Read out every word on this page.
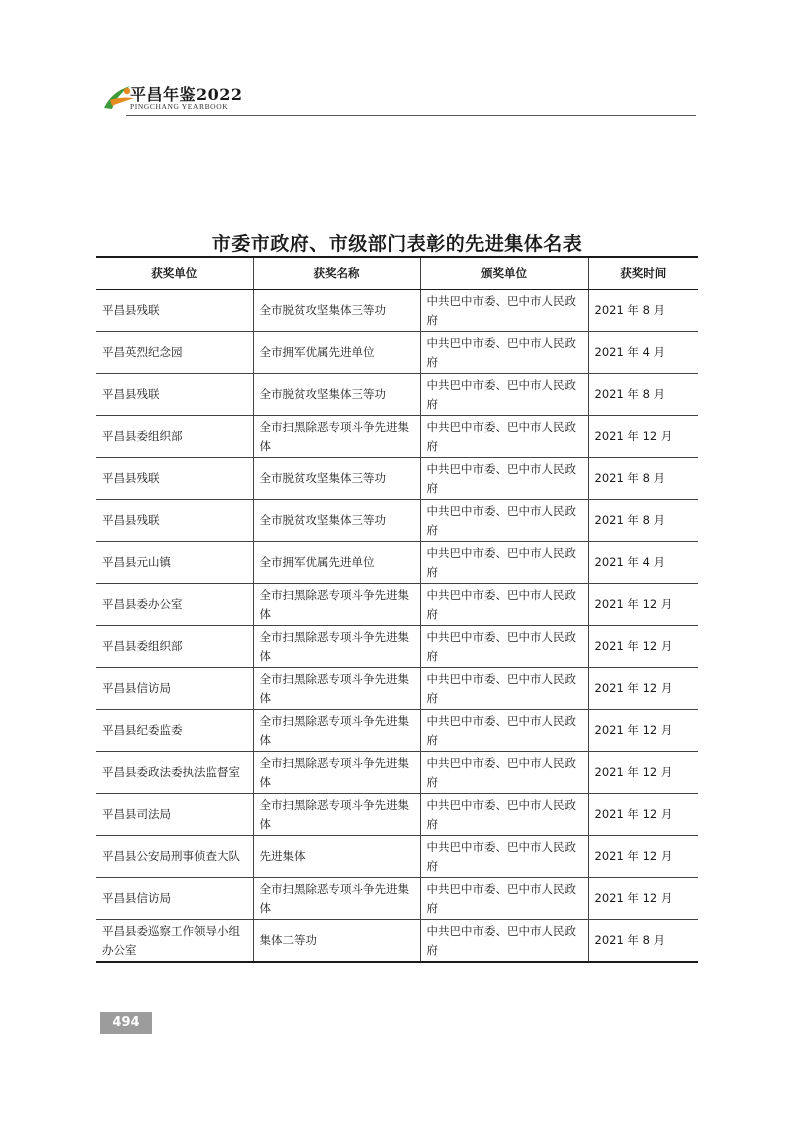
平昌年鉴2022
PINGCHANG YEARBOOK
市委市政府、市级部门表彰的先进集体名表
获奖单位	获奖名称	颁奖单位	获奖时间
平昌县残联	全市脱贫攻坚集体三等功	中共巴中市委、巴中市人民政府	2021 年 8 月
平昌英烈纪念园	全市拥军优属先进单位	中共巴中市委、巴中市人民政府	2021 年 4 月
平昌县残联	全市脱贫攻坚集体三等功	中共巴中市委、巴中市人民政府	2021 年 8 月
平昌县委组织部	全市扫黑除恶专项斗争先进集体	中共巴中市委、巴中市人民政府	2021 年 12 月
平昌县残联	全市脱贫攻坚集体三等功	中共巴中市委、巴中市人民政府	2021 年 8 月
平昌县残联	全市脱贫攻坚集体三等功	中共巴中市委、巴中市人民政府	2021 年 8 月
平昌县元山镇	全市拥军优属先进单位	中共巴中市委、巴中市人民政府	2021 年 4 月
平昌县委办公室	全市扫黑除恶专项斗争先进集体	中共巴中市委、巴中市人民政府	2021 年 12 月
平昌县委组织部	全市扫黑除恶专项斗争先进集体	中共巴中市委、巴中市人民政府	2021 年 12 月
平昌县信访局	全市扫黑除恶专项斗争先进集体	中共巴中市委、巴中市人民政府	2021 年 12 月
平昌县纪委监委	全市扫黑除恶专项斗争先进集体	中共巴中市委、巴中市人民政府	2021 年 12 月
平昌县委政法委执法监督室	全市扫黑除恶专项斗争先进集体	中共巴中市委、巴中市人民政府	2021 年 12 月
平昌县司法局	全市扫黑除恶专项斗争先进集体	中共巴中市委、巴中市人民政府	2021 年 12 月
平昌县公安局刑事侦查大队	先进集体	中共巴中市委、巴中市人民政府	2021 年 12 月
平昌县信访局	全市扫黑除恶专项斗争先进集体	中共巴中市委、巴中市人民政府	2021 年 12 月
平昌县委巡察工作领导小组办公室	集体二等功	中共巴中市委、巴中市人民政府	2021 年 8 月
494
